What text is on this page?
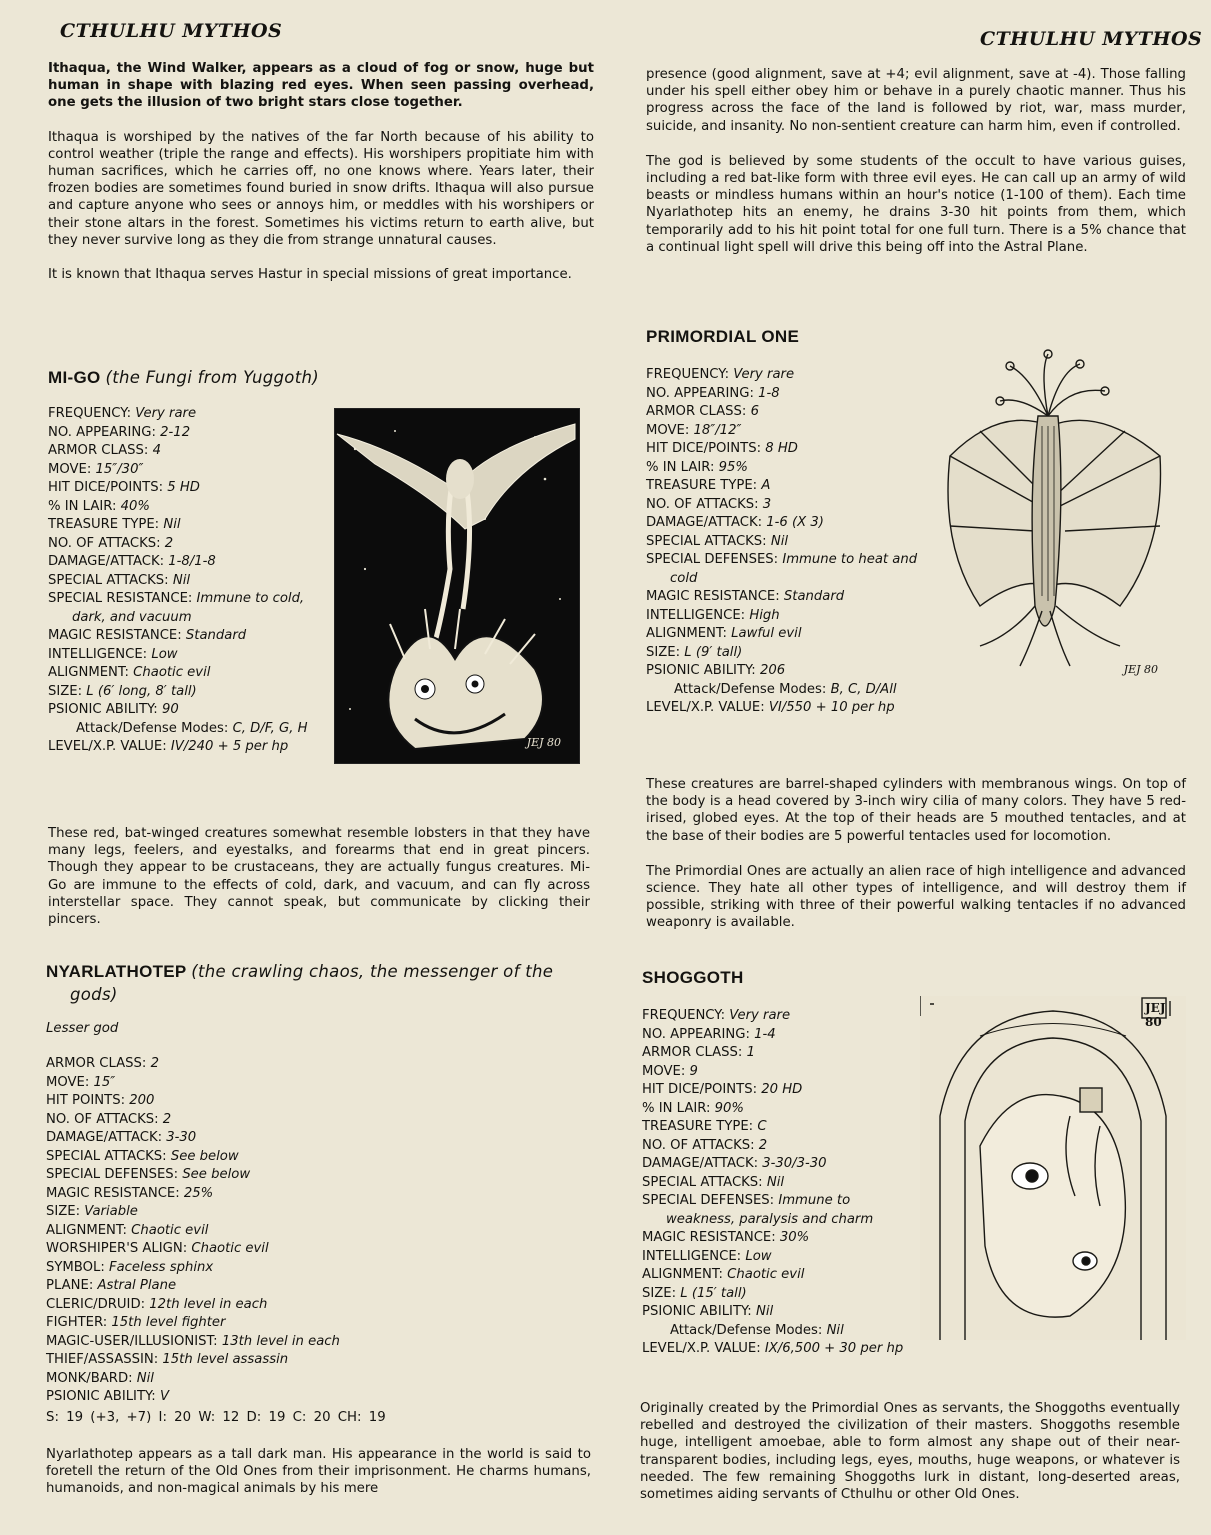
CTHULHU MYTHOS	CTHULHU MYTHOS

Ithaqua, the Wind Walker, appears as a cloud of fog or snow, huge but human in shape with blazing red eyes. When seen passing overhead, one gets the illusion of two bright stars close together.

Ithaqua is worshiped by the natives of the far North because of his ability to control weather (triple the range and effects). His worshipers propitiate him with human sacrifices, which he carries off, no one knows where. Years later, their frozen bodies are sometimes found buried in snow drifts. Ithaqua will also pursue and capture anyone who sees or annoys him, or meddles with his worshipers or their stone altars in the forest. Sometimes his victims return to earth alive, but they never survive long as they die from strange unnatural causes.

It is known that Ithaqua serves Hastur in special missions of great importance.

MI-GO (the Fungi from Yuggoth)

FREQUENCY: Very rare
NO. APPEARING: 2-12
ARMOR CLASS: 4
MOVE: 15″/30″
HIT DICE/POINTS: 5 HD
% IN LAIR: 40%
TREASURE TYPE: Nil
NO. OF ATTACKS: 2
DAMAGE/ATTACK: 1-8/1-8
SPECIAL ATTACKS: Nil
SPECIAL RESISTANCE: Immune to cold, dark, and vacuum
MAGIC RESISTANCE: Standard
INTELLIGENCE: Low
ALIGNMENT: Chaotic evil
SIZE: L (6′ long, 8′ tall)
PSIONIC ABILITY: 90
Attack/Defense Modes: C, D/F, G, H
LEVEL/X.P. VALUE: IV/240 + 5 per hp	JEJ 80

These red, bat-winged creatures somewhat resemble lobsters in that they have many legs, feelers, and eyestalks, and forearms that end in great pincers. Though they appear to be crustaceans, they are actually fungus creatures. Mi-Go are immune to the effects of cold, dark, and vacuum, and can fly across interstellar space. They cannot speak, but communicate by clicking their pincers.

NYARLATHOTEP (the crawling chaos, the messenger of the gods)

Lesser god

ARMOR CLASS: 2
MOVE: 15″
HIT POINTS: 200
NO. OF ATTACKS: 2
DAMAGE/ATTACK: 3-30
SPECIAL ATTACKS: See below
SPECIAL DEFENSES: See below
MAGIC RESISTANCE: 25%
SIZE: Variable
ALIGNMENT: Chaotic evil
WORSHIPER'S ALIGN: Chaotic evil
SYMBOL: Faceless sphinx
PLANE: Astral Plane
CLERIC/DRUID: 12th level in each
FIGHTER: 15th level fighter
MAGIC-USER/ILLUSIONIST: 13th level in each
THIEF/ASSASSIN: 15th level assassin
MONK/BARD: Nil
PSIONIC ABILITY: V

S: 19 (+3, +7) I: 20 W: 12 D: 19 C: 20 CH: 19

Nyarlathotep appears as a tall dark man. His appearance in the world is said to foretell the return of the Old Ones from their imprisonment. He charms humans, humanoids, and non-magical animals by his mere

presence (good alignment, save at +4; evil alignment, save at -4). Those falling under his spell either obey him or behave in a purely chaotic manner. Thus his progress across the face of the land is followed by riot, war, mass murder, suicide, and insanity. No non-sentient creature can harm him, even if controlled.

The god is believed by some students of the occult to have various guises, including a red bat-like form with three evil eyes. He can call up an army of wild beasts or mindless humans within an hour's notice (1-100 of them). Each time Nyarlathotep hits an enemy, he drains 3-30 hit points from them, which temporarily add to his hit point total for one full turn. There is a 5% chance that a continual light spell will drive this being off into the Astral Plane.

PRIMORDIAL ONE

FREQUENCY: Very rare
NO. APPEARING: 1-8
ARMOR CLASS: 6
MOVE: 18″/12″
HIT DICE/POINTS: 8 HD
% IN LAIR: 95%
TREASURE TYPE: A
NO. OF ATTACKS: 3
DAMAGE/ATTACK: 1-6 (X 3)
SPECIAL ATTACKS: Nil
SPECIAL DEFENSES: Immune to heat and cold
MAGIC RESISTANCE: Standard
INTELLIGENCE: High
ALIGNMENT: Lawful evil
SIZE: L (9′ tall)
PSIONIC ABILITY: 206
Attack/Defense Modes: B, C, D/All
LEVEL/X.P. VALUE: VI/550 + 10 per hp
JEJ 80

These creatures are barrel-shaped cylinders with membranous wings. On top of the body is a head covered by 3-inch wiry cilia of many colors. They have 5 red-irised, globed eyes. At the top of their heads are 5 mouthed tentacles, and at the base of their bodies are 5 powerful tentacles used for locomotion.

The Primordial Ones are actually an alien race of high intelligence and advanced science. They hate all other types of intelligence, and will destroy them if possible, striking with three of their powerful walking tentacles if no advanced weaponry is available.

SHOGGOTH

FREQUENCY: Very rare
NO. APPEARING: 1-4
ARMOR CLASS: 1
MOVE: 9
HIT DICE/POINTS: 20 HD
% IN LAIR: 90%
TREASURE TYPE: C
NO. OF ATTACKS: 2
DAMAGE/ATTACK: 3-30/3-30
SPECIAL ATTACKS: Nil
SPECIAL DEFENSES: Immune to weakness, paralysis and charm
MAGIC RESISTANCE: 30%
INTELLIGENCE: Low
ALIGNMENT: Chaotic evil
SIZE: L (15′ tall)
PSIONIC ABILITY: Nil
Attack/Defense Modes: Nil
LEVEL/X.P. VALUE: IX/6,500 + 30 per hp
JEJ 80

Originally created by the Primordial Ones as servants, the Shoggoths eventually rebelled and destroyed the civilization of their masters. Shoggoths resemble huge, intelligent amoebae, able to form almost any shape out of their near-transparent bodies, including legs, eyes, mouths, huge weapons, or whatever is needed. The few remaining Shoggoths lurk in distant, long-deserted areas, sometimes aiding servants of Cthulhu or other Old Ones.
